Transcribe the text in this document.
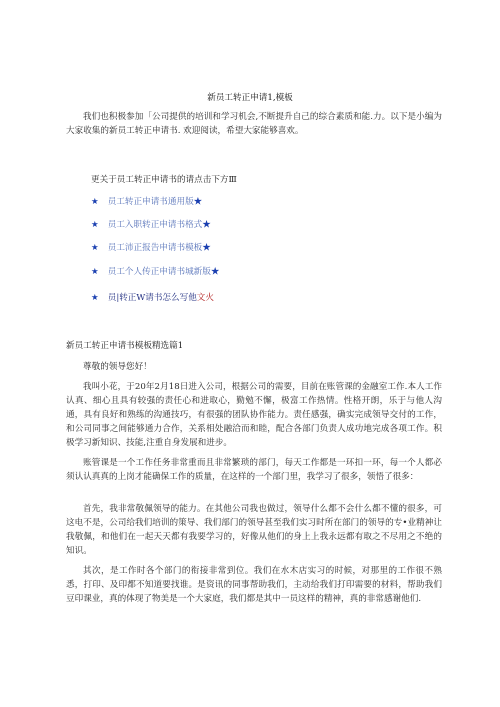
新员工转正申请1,模板
我们也积极参加「公司提供的培训和学习机会,不断提升自己的综合素质和能.力。以下是小编为大家收集的新员工转正申请书. 欢迎阅读，希望大家能够喜欢。
更关于员工转正申请书的请点击下方Ⅲ
★ 员工转正申请书通用版★
★ 员工入职转正申请书格式★
★ 员工沛正报告申请书模板★
★ 员工个人传正申请书城新版★
★ 员|转正W请书怎么写他文火
新员工转正申请书模板精选篇1
尊敬的领导您好！
我叫小花，于20年2月18日进入公司，根据公司的需要，目前在账管课的金融室工作.本人工作认真、细心且具有较强的责任心和进取心，勤勉不懈，极富工作热情。性格开朗，乐于与他人沟通，具有良好和熟练的沟通技巧，有很强的团队协作能力。责任感强，确实完成领导交付的工作，和公司同事之间能够通力合作，关系相处融洽而和睦，配合各部门负责人成功地完成各项工作。积极学习新知识、技能,注重自身发展和进步。
账管课是一个工作任务非常重而且非常繁琐的部门，每天工作都是一环扣一环，每一个人都必须认认真真的上岗才能确保工作的质量，在这样的一个部门里，我学习了很多，领悟了很多：
首先，我非常敬佩领导的能力。在其他公司我也做过，领导什么都不会什么都不懂的很多，可这电不是，公司给我们培训的策导、我们部门的领导甚至我们实习时所在部门的领导的专•业精神让我敬佩，和他们在一起天天都有我要学习的，好像从他们的身上上我永远都有取之不尽用之不绝的知识。
其次，是工作时各个部门的衔接非常到位。我们在水木店实习的时候，对那里的工作很不熟悉，打印、及印都不知道要找谁。是资讯的同事帮助我们，主动给我们打印需要的材料，帮助我们豆印课业，真的体现了物美是一个大家庭，我们都是其中一员这样的精神，真的非常感谢他们.
